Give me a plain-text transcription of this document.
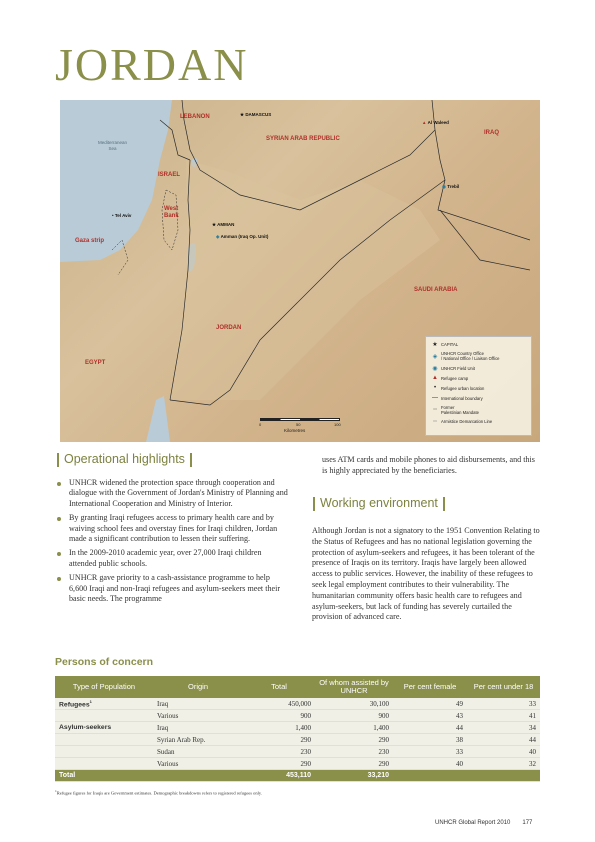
JORDAN
LEBANON
SYRIAN ARAB REPUBLIC
IRAQ
ISRAEL
West
Bank
Gaza strip
JORDAN
SAUDI ARABIA
EGYPT
Mediterranean
Sea
★ DAMASCUS
▲ Al Waleed
◉ Trebil
• Tel Aviv
★ AMMAN
◈ Amman (Iraq Op. Unit)
0	50	100
Kilometres
★ CAPITAL
◈ UNHCR Country Office
/ National Office / Liaison Office
◉ UNHCR Field Unit
▲ Refugee camp
•	Refugee urban location
— International boundary
┄ Former
Palestinian Mandate
┈ Armistice Demarcation Line
Operational highlights
UNHCR widened the protection space through cooperation and dialogue with the Government of Jordan's Ministry of Planning and International Cooperation and Ministry of Interior.
By granting Iraqi refugees access to primary health care and by waiving school fees and overstay fines for Iraqi children, Jordan made a significant contribution to lessen their suffering.
In the 2009-2010 academic year, over 27,000 Iraqi children attended public schools.
UNHCR gave priority to a cash-assistance programme to help 6,600 Iraqi and non-Iraqi refugees and asylum-seekers meet their basic needs. The programme

uses ATM cards and mobile phones to aid disbursements, and this is highly appreciated by the beneficiaries.

Working environment

Although Jordan is not a signatory to the 1951 Convention Relating to the Status of Refugees and has no national legislation governing the protection of asylum-seekers and refugees, it has been tolerant of the presence of Iraqis on its territory. Iraqis have largely been allowed access to public services. However, the inability of these refugees to seek legal employment contributes to their vulnerability. The humanitarian community offers basic health care to refugees and asylum-seekers, but lack of funding has severely curtailed the provision of advanced care.

Persons of concern
Type of Population	Origin	Total	Of whom assisted by UNHCR	Per cent female	Per cent under 18
Refugees$^1$	Iraq	450,000	30,100	49	33
	Various	900	900	43	41
Asylum-seekers	Iraq	1,400	1,400	44	34
	Syrian Arab Rep.	290	290	38	44
	Sudan	230	230	33	40
	Various	290	290	40	32
Total		453,110	33,210		
$^1$Refugee figures for Iraqis are Government estimates. Demographic breakdowns refers to registered refugees only.
UNHCR Global Report 2010 177
